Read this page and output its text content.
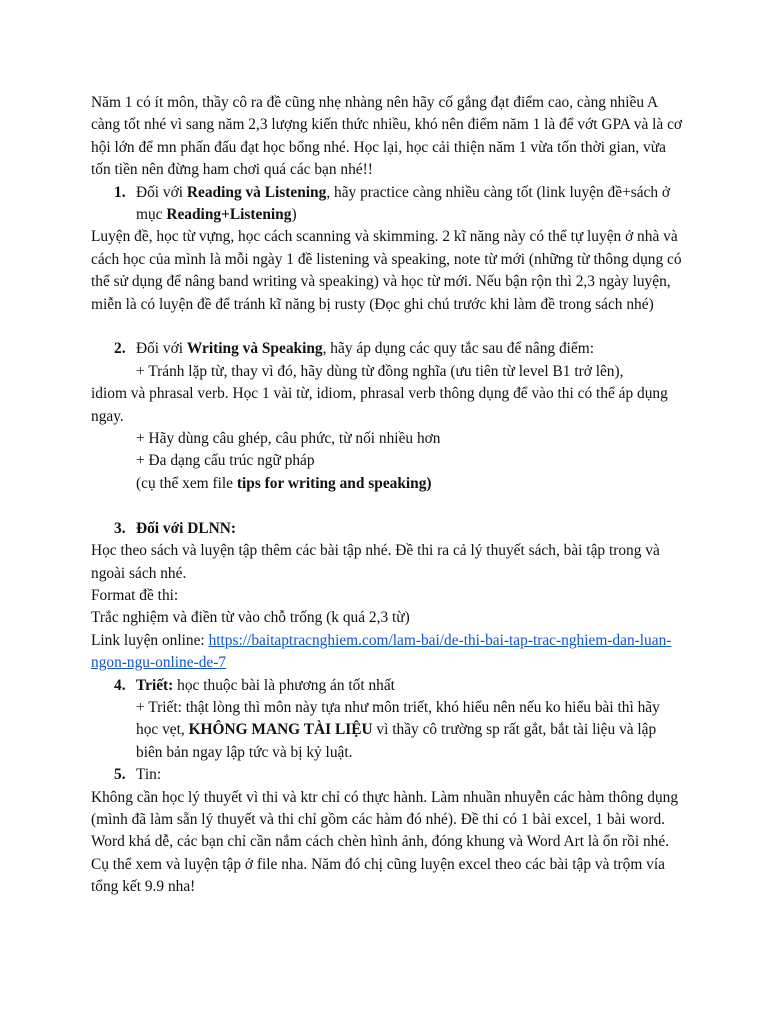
Năm 1 có ít môn, thầy cô ra đề cũng nhẹ nhàng nên hãy cố gắng đạt điểm cao, càng nhiều A càng tốt nhé vì sang năm 2,3 lượng kiến thức nhiều, khó nên điểm năm 1 là để vớt GPA và là cơ hội lớn để mn phấn đấu đạt học bổng nhé. Học lại, học cải thiện năm 1 vừa tốn thời gian, vừa tốn tiền nên đừng ham chơi quá các bạn nhé!!

1. Đối với Reading và Listening, hãy practice càng nhiều càng tốt (link luyện đề+sách ở mục Reading+Listening)

Luyện đề, học từ vựng, học cách scanning và skimming. 2 kĩ năng này có thể tự luyện ở nhà và cách học của mình là mỗi ngày 1 đề listening và speaking, note từ mới (những từ thông dụng có thể sử dụng để nâng band writing và speaking) và học từ mới. Nếu bận rộn thì 2,3 ngày luyện, miễn là có luyện đề để tránh kĩ năng bị rusty (Đọc ghi chú trước khi làm đề trong sách nhé)

2. Đối với Writing và Speaking, hãy áp dụng các quy tắc sau để nâng điểm:

+ Tránh lặp từ, thay vì đó, hãy dùng từ đồng nghĩa (ưu tiên từ level B1 trở lên),

idiom và phrasal verb. Học 1 vài từ, idiom, phrasal verb thông dụng để vào thi có thể áp dụng ngay.

+ Hãy dùng câu ghép, câu phức, từ nối nhiều hơn

+ Đa dạng cấu trúc ngữ pháp

(cụ thể xem file tips for writing and speaking)

3. Đối với DLNN:

Học theo sách và luyện tập thêm các bài tập nhé. Đề thi ra cả lý thuyết sách, bài tập trong và ngoài sách nhé.

Format đề thi:

Trắc nghiệm và điền từ vào chỗ trống (k quá 2,3 từ)

Link luyện online: https://baitaptracnghiem.com/lam-bai/de-thi-bai-tap-trac-nghiem-dan-luan-ngon-ngu-online-de-7

4. Triết: học thuộc bài là phương án tốt nhất

+ Triết: thật lòng thì môn này tựa như môn triết, khó hiểu nên nếu ko hiểu bài thì hãy học vẹt, KHÔNG MANG TÀI LIỆU vì thầy cô trường sp rất gắt, bắt tài liệu và lập biên bản ngay lập tức và bị kỷ luật.

5. Tin:

Không cần học lý thuyết vì thi và ktr chỉ có thực hành. Làm nhuần nhuyễn các hàm thông dụng (mình đã làm sẵn lý thuyết và thi chỉ gồm các hàm đó nhé). Đề thi có 1 bài excel, 1 bài word. Word khá dễ, các bạn chỉ cần nắm cách chèn hình ảnh, đóng khung và Word Art là ổn rồi nhé. Cụ thể xem và luyện tập ở file nha. Năm đó chị cũng luyện excel theo các bài tập và trộm vía tổng kết 9.9 nha!
